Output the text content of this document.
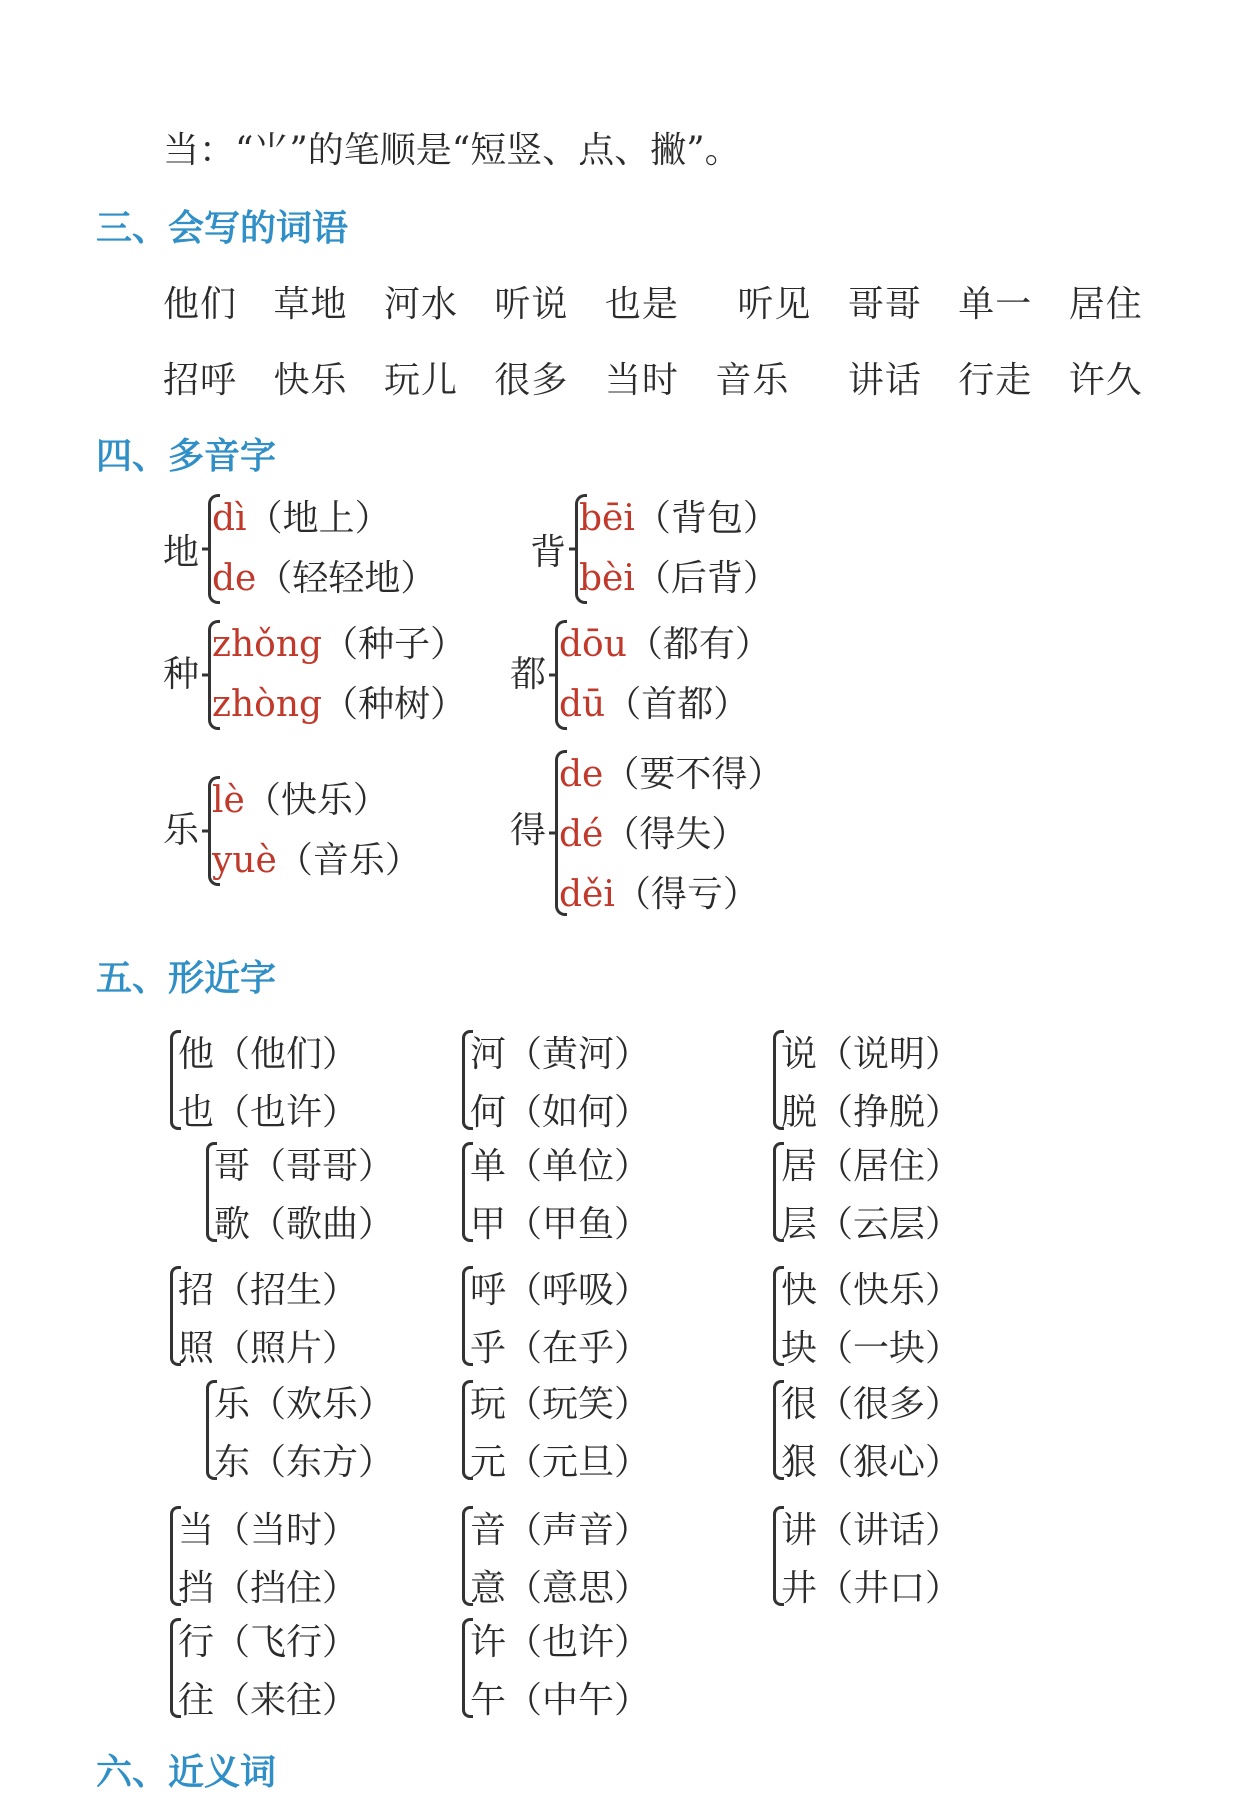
当：“⺌”的笔顺是“短竖、点、撇”。
三、会写的词语
他们 草地 河水 听说 也是 听见 哥哥 单一 居住
招呼 快乐 玩儿 很多 当时 音乐 讲话 行走 许久
四、多音字
地
dì（地上）
de（轻轻地）
背
bēi（背包）
bèi（后背）
种
zhǒng（种子）
zhòng（种树）
都
dōu（都有）
dū（首都）
乐
lè（快乐）
yuè（音乐）
得
de（要不得）
dé（得失）
děi（得亏）
五、形近字
他（他们）
也（也许）
河（黄河）
何（如何）
说（说明）
脱（挣脱）
哥（哥哥）
歌（歌曲）
单（单位）
甲（甲鱼）
居（居住）
层（云层）
招（招生）
照（照片）
呼（呼吸）
乎（在乎）
快（快乐）
块（一块）
乐（欢乐）
东（东方）
玩（玩笑）
元（元旦）
很（很多）
狠（狠心）
当（当时）
挡（挡住）
音（声音）
意（意思）
讲（讲话）
井（井口）
行（飞行）
往（来往）
许（也许）
午（中午）
六、近义词
